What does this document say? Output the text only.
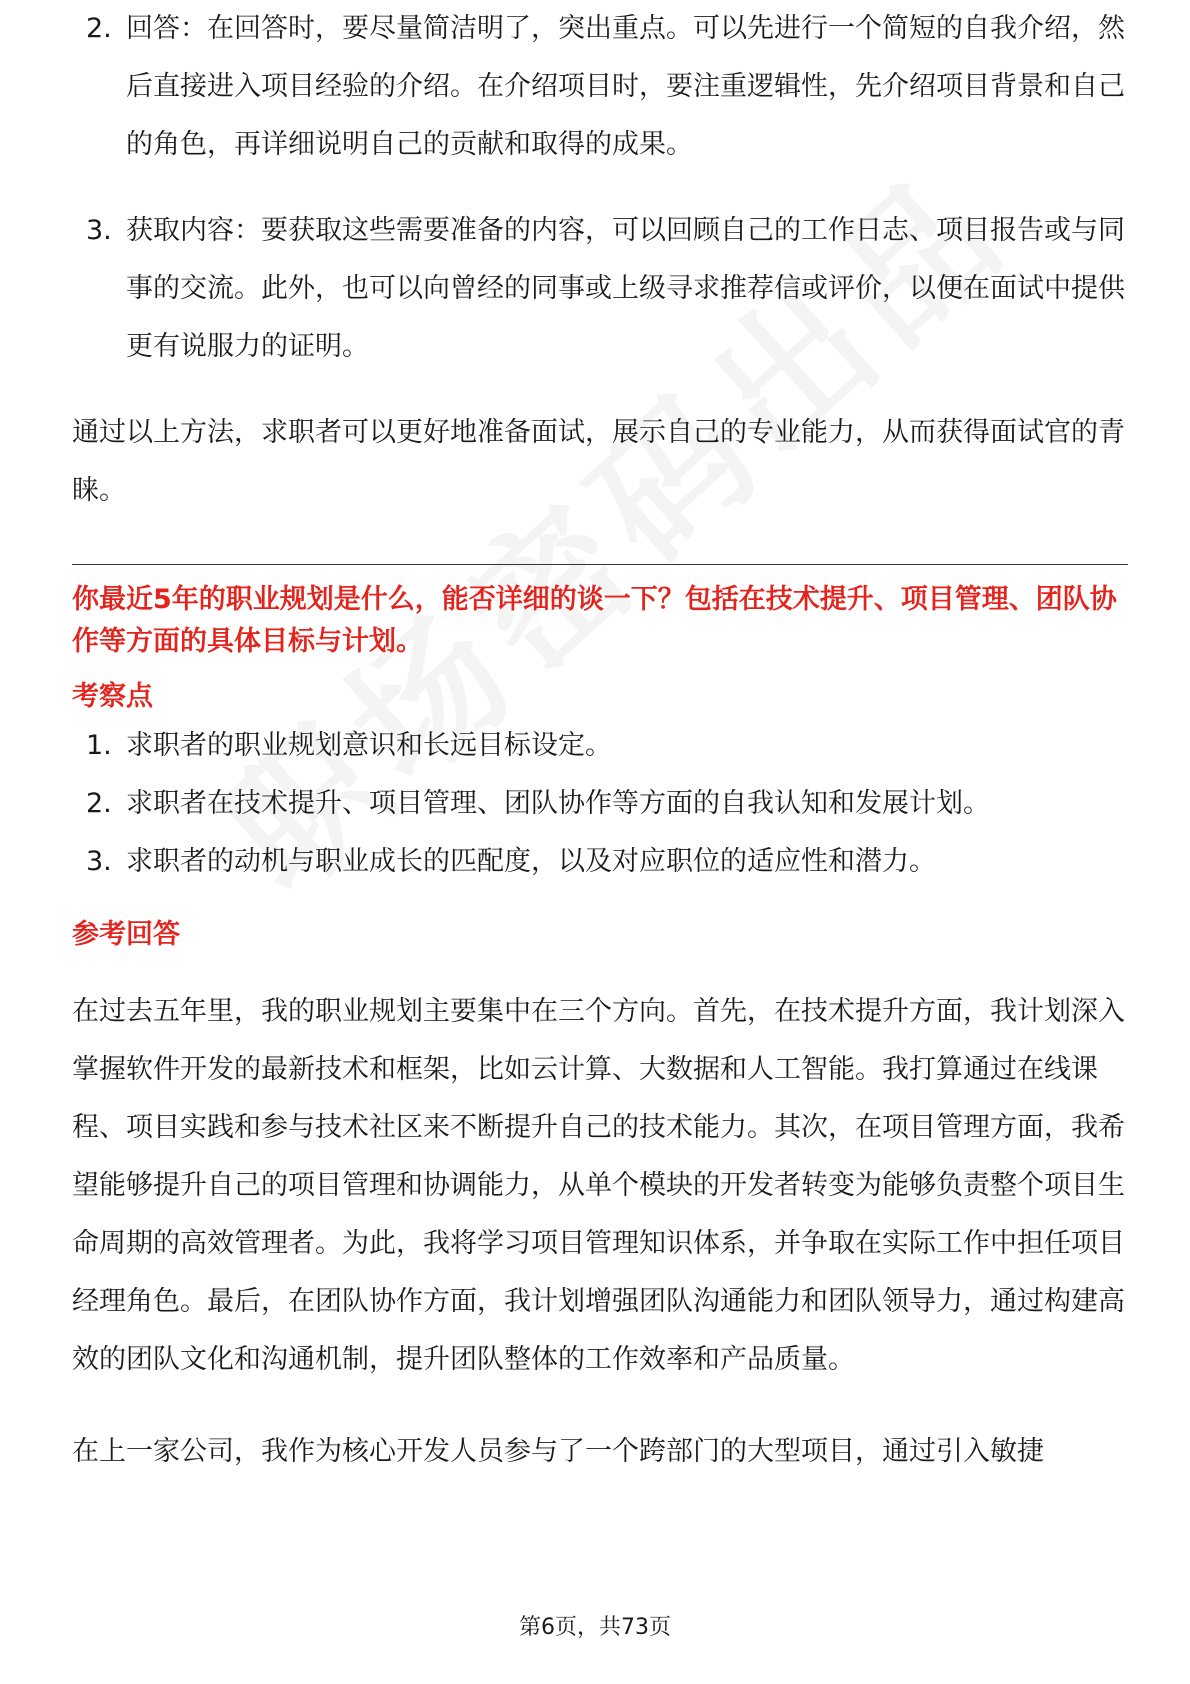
2. 回答：在回答时，要尽量简洁明了，突出重点。可以先进行一个简短的自我介绍，然后直接进入项目经验的介绍。在介绍项目时，要注重逻辑性，先介绍项目背景和自己的角色，再详细说明自己的贡献和取得的成果。
3. 获取内容：要获取这些需要准备的内容，可以回顾自己的工作日志、项目报告或与同事的交流。此外，也可以向曾经的同事或上级寻求推荐信或评价，以便在面试中提供更有说服力的证明。

通过以上方法，求职者可以更好地准备面试，展示自己的专业能力，从而获得面试官的青睐。

你最近5年的职业规划是什么，能否详细的谈一下？包括在技术提升、项目管理、团队协作等方面的具体目标与计划。
考察点
1. 求职者的职业规划意识和长远目标设定。
2. 求职者在技术提升、项目管理、团队协作等方面的自我认知和发展计划。
3. 求职者的动机与职业成长的匹配度，以及对应职位的适应性和潜力。
参考回答

在过去五年里，我的职业规划主要集中在三个方向。首先，在技术提升方面，我计划深入掌握软件开发的最新技术和框架，比如云计算、大数据和人工智能。我打算通过在线课程、项目实践和参与技术社区来不断提升自己的技术能力。其次，在项目管理方面，我希望能够提升自己的项目管理和协调能力，从单个模块的开发者转变为能够负责整个项目生命周期的高效管理者。为此，我将学习项目管理知识体系，并争取在实际工作中担任项目经理角色。最后，在团队协作方面，我计划增强团队沟通能力和团队领导力，通过构建高效的团队文化和沟通机制，提升团队整体的工作效率和产品质量。

在上一家公司，我作为核心开发人员参与了一个跨部门的大型项目，通过引入敏捷

第6页，共73页
